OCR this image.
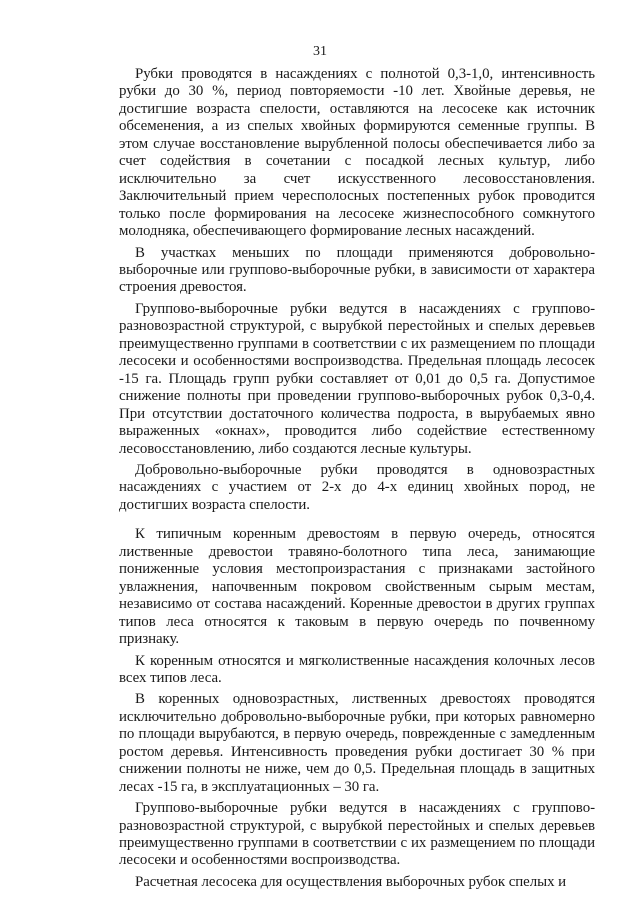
31

Рубки проводятся в насаждениях с полнотой 0,3-1,0, интенсивность рубки до 30 %, период повторяемости -10 лет. Хвойные деревья, не достигшие возраста спелости, оставляются на лесосеке как источник обсеменения, а из спелых хвойных формируются семенные группы. В этом случае восстановление вырубленной полосы обеспечивается либо за счет содействия в сочетании с посадкой лесных культур, либо исключительно за счет искусственного лесовосстановления. Заключительный прием чересполосных постепенных рубок проводится только после формирования на лесосеке жизнеспособного сомкнутого молодняка, обеспечивающего формирование лесных насаждений.

В участках меньших по площади применяются добровольно-выборочные или группово-выборочные рубки, в зависимости от характера строения древостоя.

Группово-выборочные рубки ведутся в насаждениях с группово-разновозрастной структурой, с вырубкой перестойных и спелых деревьев преимущественно группами в соответствии с их размещением по площади лесосеки и особенностями воспроизводства. Предельная площадь лесосек -15 га. Площадь групп рубки составляет от 0,01 до 0,5 га. Допустимое снижение полноты при проведении группово-выборочных рубок 0,3-0,4. При отсутствии достаточного количества подроста, в вырубаемых явно выраженных «окнах», проводится либо содействие естественному лесовосстановлению, либо создаются лесные культуры.

Добровольно-выборочные рубки проводятся в одновозрастных насаждениях с участием от 2-х до 4-х единиц хвойных пород, не достигших возраста спелости.

К типичным коренным древостоям в первую очередь, относятся лиственные древостои травяно-болотного типа леса, занимающие пониженные условия местопроизрастания с признаками застойного увлажнения, напочвенным покровом свойственным сырым местам, независимо от состава насаждений. Коренные древостои в других группах типов леса относятся к таковым в первую очередь по почвенному признаку.

К коренным относятся и мягколиственные насаждения колочных лесов всех типов леса.

В коренных одновозрастных, лиственных древостоях проводятся исключительно добровольно-выборочные рубки, при которых равномерно по площади вырубаются, в первую очередь, поврежденные с замедленным ростом деревья. Интенсивность проведения рубки достигает 30 % при снижении полноты не ниже, чем до 0,5. Предельная площадь в защитных лесах -15 га, в эксплуатационных – 30 га.

Группово-выборочные рубки ведутся в насаждениях с группово-разновозрастной структурой, с вырубкой перестойных и спелых деревьев преимущественно группами в соответствии с их размещением по площади лесосеки и особенностями воспроизводства.

Расчетная лесосека для осуществления выборочных рубок спелых и
